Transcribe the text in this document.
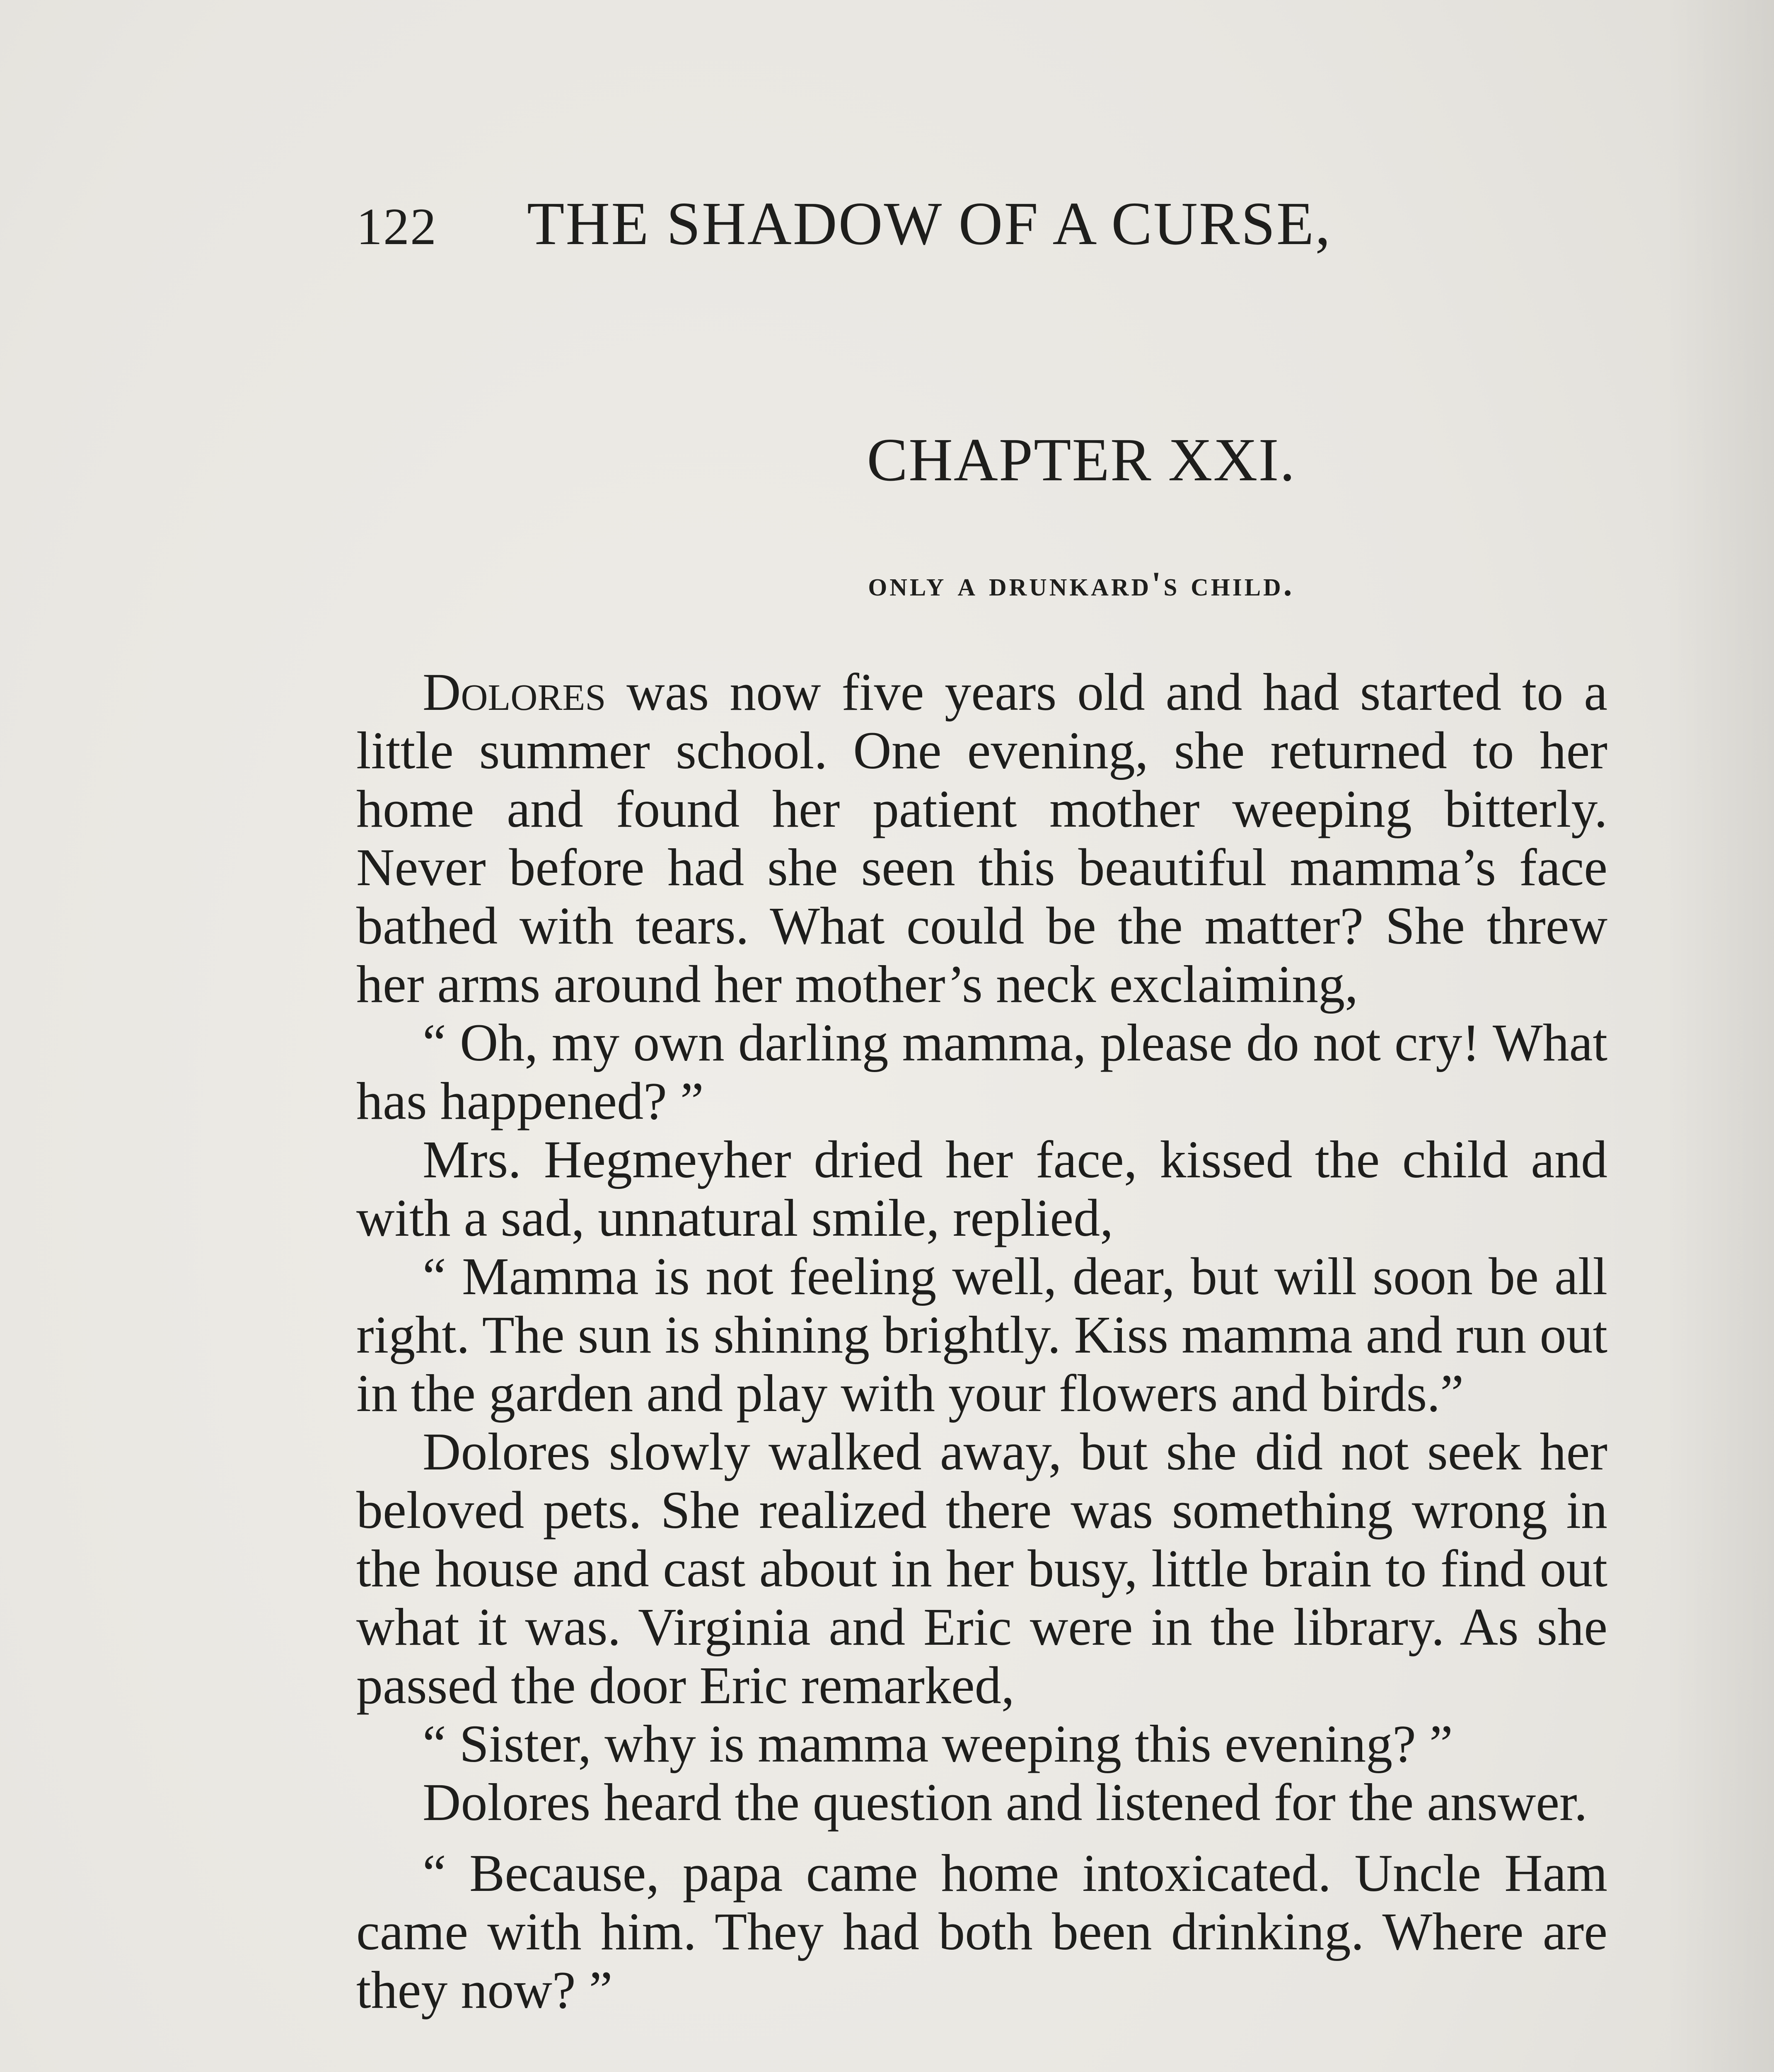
122 THE SHADOW OF A CURSE,
CHAPTER XXI.
only a drunkard's child.

Dolores was now five years old and had started to a little summer school. One evening, she returned to her home and found her patient mother weeping bitterly. Never before had she seen this beautiful mamma’s face bathed with tears. What could be the matter? She threw her arms around her mother’s neck exclaiming,

“ Oh, my own darling mamma, please do not cry! What has happened? ”

Mrs. Hegmeyher dried her face, kissed the child and with a sad, unnatural smile, replied,

“ Mamma is not feeling well, dear, but will soon be all right. The sun is shining brightly. Kiss mamma and run out in the garden and play with your flowers and birds.”

Dolores slowly walked away, but she did not seek her beloved pets. She realized there was something wrong in the house and cast about in her busy, little brain to find out what it was. Virginia and Eric were in the library. As she passed the door Eric remarked,

“ Sister, why is mamma weeping this evening? ”

Dolores heard the question and listened for the answer.

“ Because, papa came home intoxicated. Uncle Ham came with him. They had both been drinking. Where are they now? ”
